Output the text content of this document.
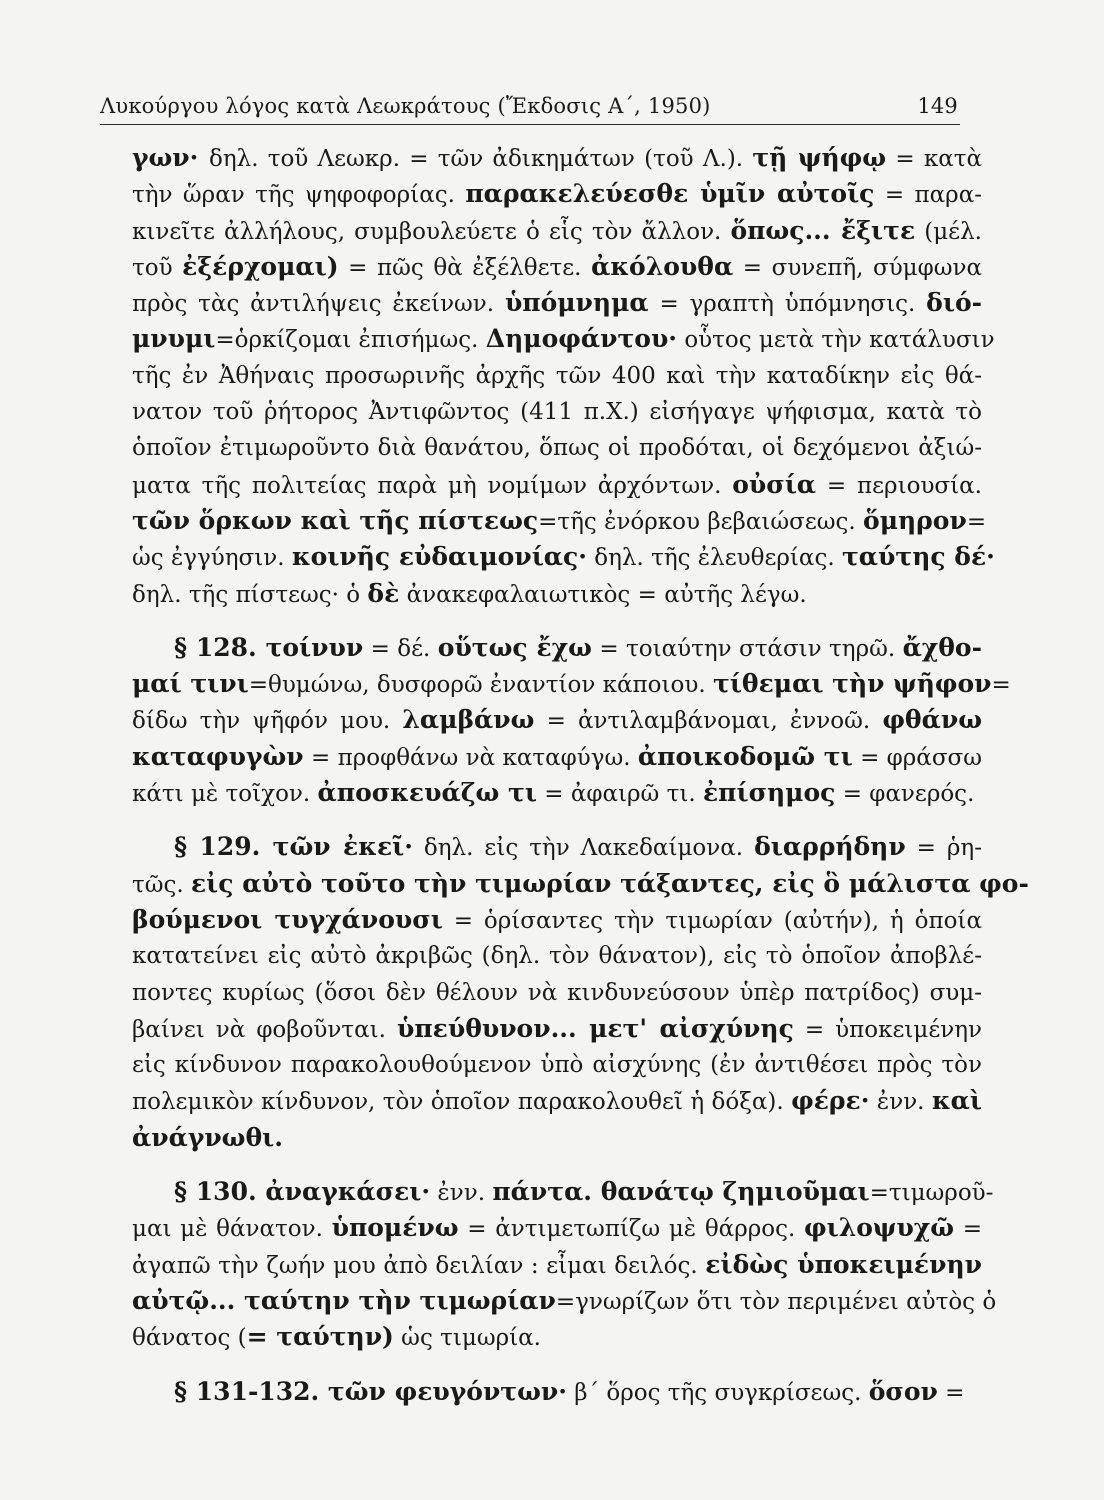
Λυκούργου λόγος κατὰ Λεωκράτους (Ἔκδοσις Α΄, 1950)	149
γων· δηλ. τοῦ Λεωκρ. = τῶν ἀδικημάτων (τοῦ Λ.). τῇ ψήφῳ = κατὰ
τὴν ὥραν τῆς ψηφοφορίας. παρακελεύεσθε ὑμῖν αὐτοῖς = παρα-
κινεῖτε ἀλλήλους, συμβουλεύετε ὁ εἷς τὸν ἄλλον. ὅπως... ἔξιτε (μέλ.
τοῦ ἐξέρχομαι) = πῶς θὰ ἐξέλθετε. ἀκόλουθα = συνεπῆ, σύμφωνα
πρὸς τὰς ἀντιλήψεις ἐκείνων. ὑπόμνημα = γραπτὴ ὑπόμνησις. διό-
μνυμι=ὁρκίζομαι ἐπισήμως. Δημοφάντου· οὗτος μετὰ τὴν κατάλυσιν
τῆς ἐν Ἀθήναις προσωρινῆς ἀρχῆς τῶν 400 καὶ τὴν καταδίκην εἰς θά-
νατον τοῦ ῥήτορος Ἀντιφῶντος (411 π.Χ.) εἰσήγαγε ψήφισμα, κατὰ τὸ
ὁποῖον ἐτιμωροῦντο διὰ θανάτου, ὅπως οἱ προδόται, οἱ δεχόμενοι ἀξιώ-
ματα τῆς πολιτείας παρὰ μὴ νομίμων ἀρχόντων. οὐσία = περιουσία.
τῶν ὅρκων καὶ τῆς πίστεως=τῆς ἐνόρκου βεβαιώσεως. ὅμηρον=
ὡς ἐγγύησιν. κοινῆς εὐδαιμονίας· δηλ. τῆς ἐλευθερίας. ταύτης δέ·
δηλ. τῆς πίστεως· ὁ δὲ ἀνακεφαλαιωτικὸς = αὐτῆς λέγω.
§ 128. τοίνυν = δέ. οὕτως ἔχω = τοιαύτην στάσιν τηρῶ. ἄχθο-
μαί τινι=θυμώνω, δυσφορῶ ἐναντίον κάποιου. τίθεμαι τὴν ψῆφον=
δίδω τὴν ψῆφόν μου. λαμβάνω = ἀντιλαμβάνομαι, ἐννοῶ. φθάνω
καταφυγὼν = προφθάνω νὰ καταφύγω. ἀποικοδομῶ τι = φράσσω
κάτι μὲ τοῖχον. ἀποσκευάζω τι = ἀφαιρῶ τι. ἐπίσημος = φανερός.
§ 129. τῶν ἐκεῖ· δηλ. εἰς τὴν Λακεδαίμονα. διαρρήδην = ῥη-
τῶς. εἰς αὐτὸ τοῦτο τὴν τιμωρίαν τάξαντες, εἰς ὃ μάλιστα φο-
βούμενοι τυγχάνουσι = ὁρίσαντες τὴν τιμωρίαν (αὐτήν), ἡ ὁποία
κατατείνει εἰς αὐτὸ ἀκριβῶς (δηλ. τὸν θάνατον), εἰς τὸ ὁποῖον ἀποβλέ-
ποντες κυρίως (ὅσοι δὲν θέλουν νὰ κινδυνεύσουν ὑπὲρ πατρίδος) συμ-
βαίνει νὰ φοβοῦνται. ὑπεύθυνον... μετ' αἰσχύνης = ὑποκειμένην
εἰς κίνδυνον παρακολουθούμενον ὑπὸ αἰσχύνης (ἐν ἀντιθέσει πρὸς τὸν
πολεμικὸν κίνδυνον, τὸν ὁποῖον παρακολουθεῖ ἡ δόξα). φέρε· ἐνν. καὶ
ἀνάγνωθι.
§ 130. ἀναγκάσει· ἐνν. πάντα. θανάτῳ ζημιοῦμαι=τιμωροῦ-
μαι μὲ θάνατον. ὑπομένω = ἀντιμετωπίζω μὲ θάρρος. φιλοψυχῶ =
ἀγαπῶ τὴν ζωήν μου ἀπὸ δειλίαν : εἶμαι δειλός. εἰδὼς ὑποκειμένην
αὐτῷ... ταύτην τὴν τιμωρίαν=γνωρίζων ὅτι τὸν περιμένει αὐτὸς ὁ
θάνατος (= ταύτην) ὡς τιμωρία.
§ 131-132. τῶν φευγόντων· β΄ ὅρος τῆς συγκρίσεως. ὅσον =
